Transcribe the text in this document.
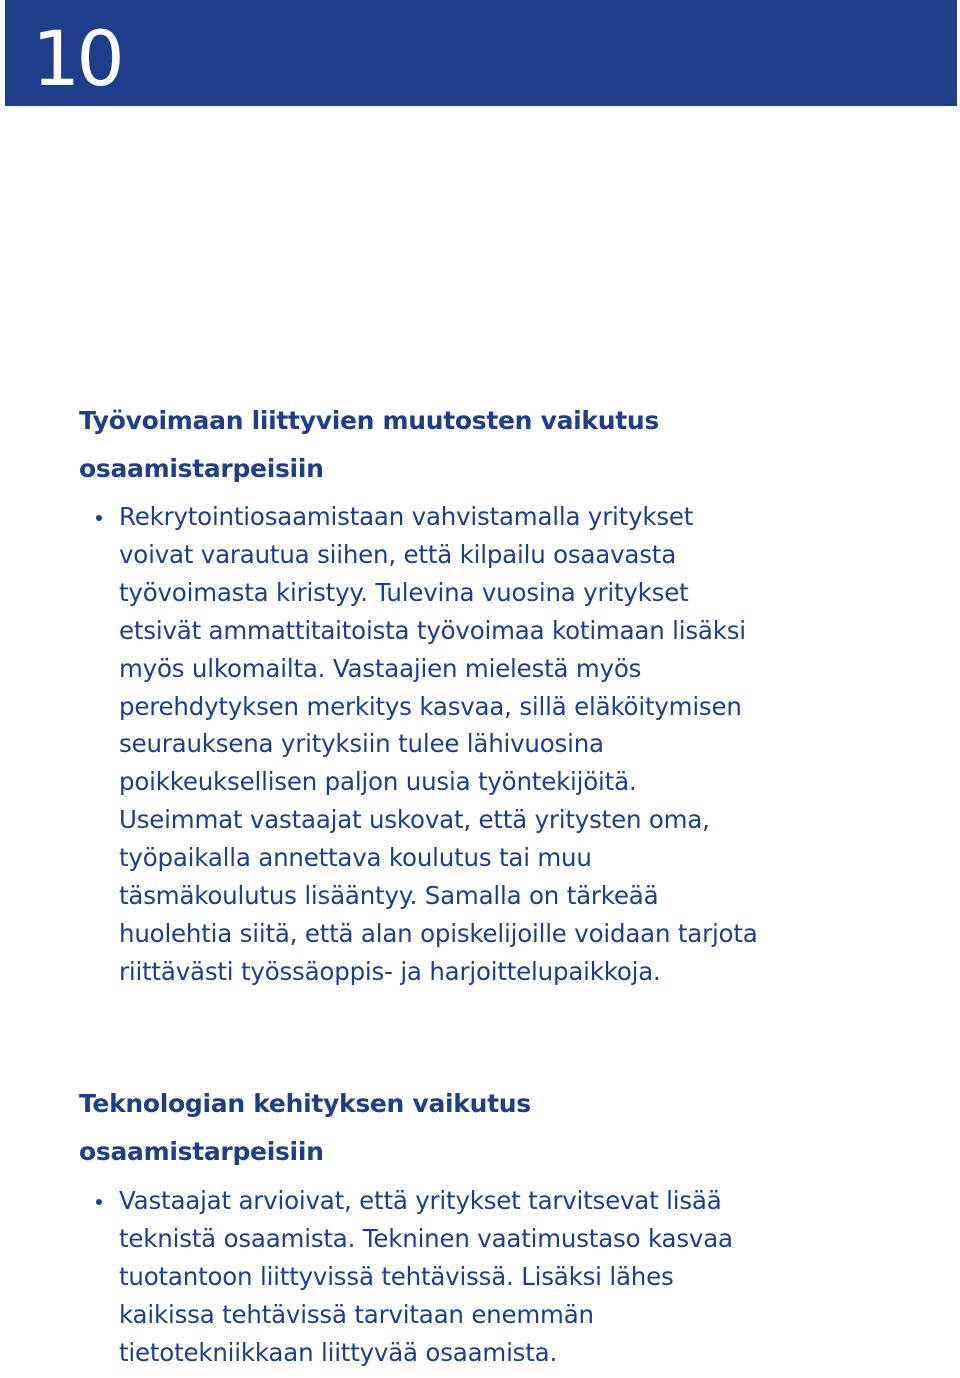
10
Työvoimaan liittyvien muutosten vaikutus
osaamistarpeisiin
Rekrytointiosaamistaan vahvistamalla yritykset voivat varautua siihen, että kilpailu osaavasta työvoimasta kiristyy. Tulevina vuosina yritykset etsivät ammattitaitoista työvoimaa kotimaan lisäksi myös ulkomailta. Vastaajien mielestä myös perehdytyksen merkitys kasvaa, sillä eläköitymisen seurauksena yrityksiin tulee lähivuosina poikkeuksellisen paljon uusia työntekijöitä. Useimmat vastaajat uskovat, että yritysten oma, työpaikalla annettava koulutus tai muu täsmäkoulutus lisääntyy. Samalla on tärkeää huolehtia siitä, että alan opiskelijoille voidaan tarjota riittävästi työssäoppis- ja harjoittelupaikkoja.
Teknologian kehityksen vaikutus
osaamistarpeisiin
Vastaajat arvioivat, että yritykset tarvitsevat lisää teknistä osaamista. Tekninen vaatimustaso kasvaa tuotantoon liittyvissä tehtävissä. Lisäksi lähes kaikissa tehtävissä tarvitaan enemmän tietotekniikkaan liittyvää osaamista.
